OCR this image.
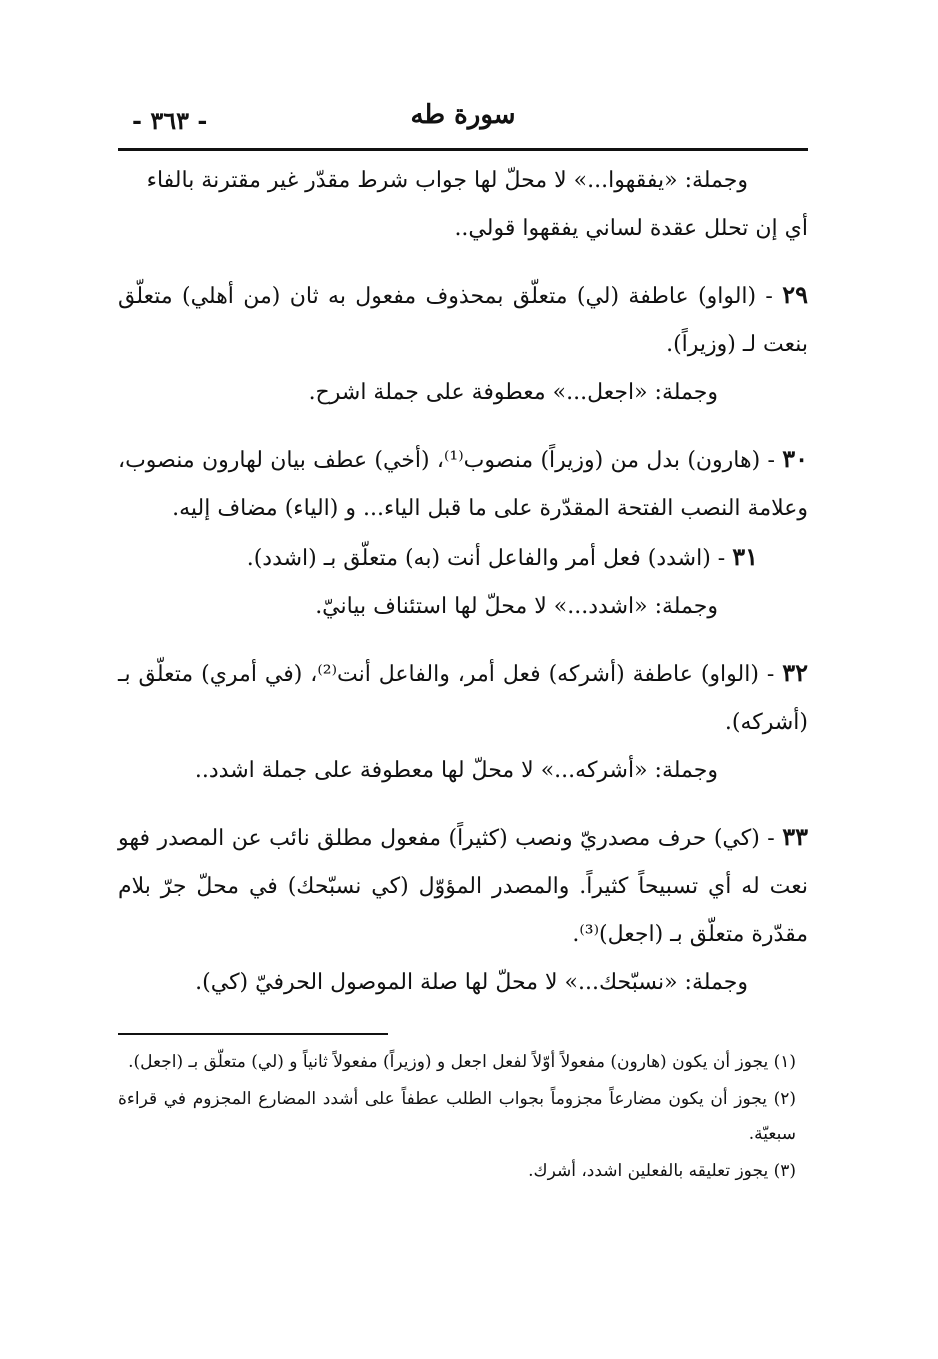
سورة طه
- ٣٦٣ -

وجملة: «يفقهوا...» لا محلّ لها جواب شرط مقدّر غير مقترنة بالفاء

أي إن تحلل عقدة لساني يفقهوا قولي..

٢٩ - (الواو) عاطفة (لي) متعلّق بمحذوف مفعول به ثان (من أهلي) متعلّق بنعت لـ (وزيراً).

وجملة: «اجعل...» معطوفة على جملة اشرح.

٣٠ - (هارون) بدل من (وزيراً) منصوب⁽¹⁾، (أخي) عطف بيان لهارون منصوب، وعلامة النصب الفتحة المقدّرة على ما قبل الياء... و (الياء) مضاف إليه.

٣١ - (اشدد) فعل أمر والفاعل أنت (به) متعلّق بـ (اشدد).

وجملة: «اشدد...» لا محلّ لها استئناف بيانيّ.

٣٢ - (الواو) عاطفة (أشركه) فعل أمر، والفاعل أنت⁽²⁾، (في أمري) متعلّق بـ (أشركه).

وجملة: «أشركه...» لا محلّ لها معطوفة على جملة اشدد..

٣٣ - (كي) حرف مصدريّ ونصب (كثيراً) مفعول مطلق نائب عن المصدر فهو نعت له أي تسبيحاً كثيراً. والمصدر المؤوّل (كي نسبّحك) في محلّ جرّ بلام مقدّرة متعلّق بـ (اجعل)⁽³⁾.

وجملة: «نسبّحك...» لا محلّ لها صلة الموصول الحرفيّ (كي).

(١) يجوز أن يكون (هارون) مفعولاً أوّلاً لفعل اجعل و (وزيراً) مفعولاً ثانياً و (لي) متعلّق بـ (اجعل).

(٢) يجوز أن يكون مضارعاً مجزوماً بجواب الطلب عطفاً على أشدد المضارع المجزوم في قراءة سبعيّة.

(٣) يجوز تعليقه بالفعلين اشدد، أشرك.
